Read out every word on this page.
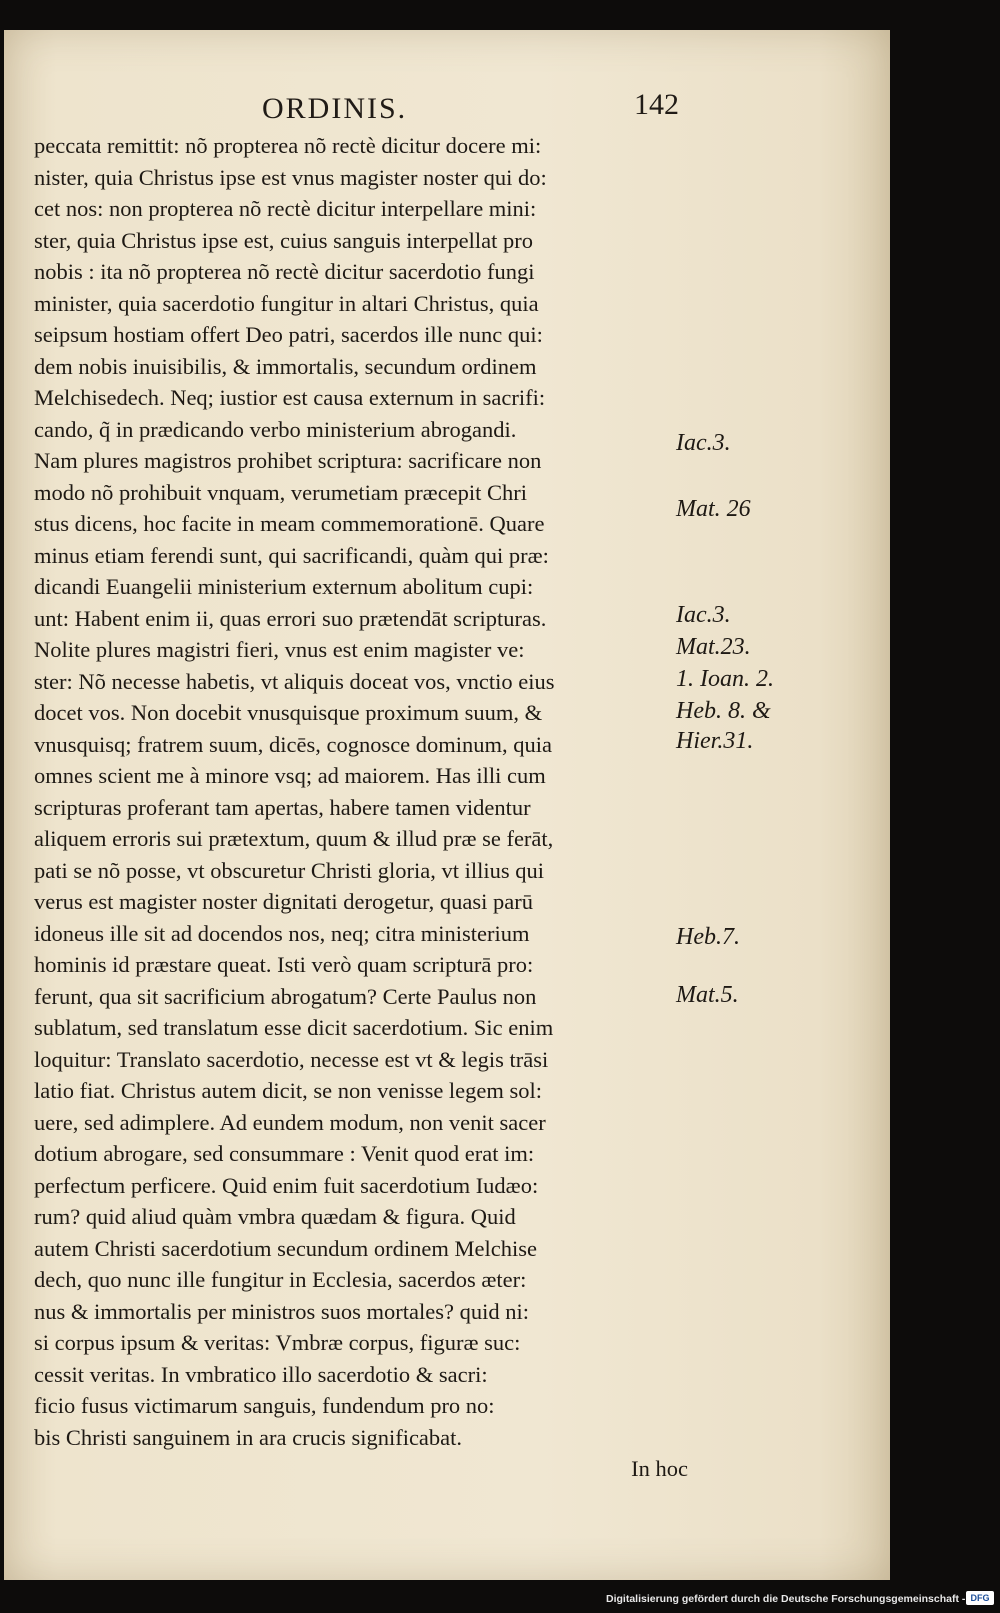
ORDINIS.	142
peccata remittit: nõ propterea nõ rectè dicitur docere mi:
nister, quia Christus ipse est vnus magister noster qui do:
cet nos: non propterea nõ rectè dicitur interpellare mini:
ster, quia Christus ipse est, cuius sanguis interpellat pro
nobis : ita nõ propterea nõ rectè dicitur sacerdotio fungi
minister, quia sacerdotio fungitur in altari Christus, quia
seipsum hostiam offert Deo patri, sacerdos ille nunc qui:
dem nobis inuisibilis, & immortalis, secundum ordinem
Melchisedech. Neq; iustior est causa externum in sacrifi:
cando, q̃ in prædicando verbo ministerium abrogandi.
Nam plures magistros prohibet scriptura: sacrificare non
modo nõ prohibuit vnquam, verumetiam præcepit Chri
stus dicens, hoc facite in meam commemorationē. Quare
minus etiam ferendi sunt, qui sacrificandi, quàm qui præ:
dicandi Euangelii ministerium externum abolitum cupi:
unt: Habent enim ii, quas errori suo prætendāt scripturas.
Nolite plures magistri fieri, vnus est enim magister ve:
ster: Nõ necesse habetis, vt aliquis doceat vos, vnctio eius
docet vos. Non docebit vnusquisque proximum suum, &
vnusquisq; fratrem suum, dicēs, cognosce dominum, quia
omnes scient me à minore vsq; ad maiorem. Has illi cum
scripturas proferant tam apertas, habere tamen videntur
aliquem erroris sui prætextum, quum & illud præ se ferāt,
pati se nõ posse, vt obscuretur Christi gloria, vt illius qui
verus est magister noster dignitati derogetur, quasi parū
idoneus ille sit ad docendos nos, neq; citra ministerium
hominis id præstare queat. Isti verò quam scripturā pro:
ferunt, qua sit sacrificium abrogatum? Certe Paulus non
sublatum, sed translatum esse dicit sacerdotium. Sic enim
loquitur: Translato sacerdotio, necesse est vt & legis trāsi
latio fiat. Christus autem dicit, se non venisse legem sol:
uere, sed adimplere. Ad eundem modum, non venit sacer
dotium abrogare, sed consummare : Venit quod erat im:
perfectum perficere. Quid enim fuit sacerdotium Iudæo:
rum? quid aliud quàm vmbra quædam & figura. Quid
autem Christi sacerdotium secundum ordinem Melchise
dech, quo nunc ille fungitur in Ecclesia, sacerdos æter:
nus & immortalis per ministros suos mortales? quid ni:
si corpus ipsum & veritas: Vmbræ corpus, figuræ suc:
cessit veritas. In vmbratico illo sacerdotio & sacri:
ficio fusus victimarum sanguis, fundendum pro no:
bis Christi sanguinem in ara crucis significabat.
In hoc
Iac.3.
Mat. 26
Iac.3.
Mat.23.
1. Ioan. 2.
Heb. 8. &
Hier.31.
Heb.7.
Mat.5.
Digitalisierung gefördert durch die Deutsche Forschungsgemeinschaft - DFG
